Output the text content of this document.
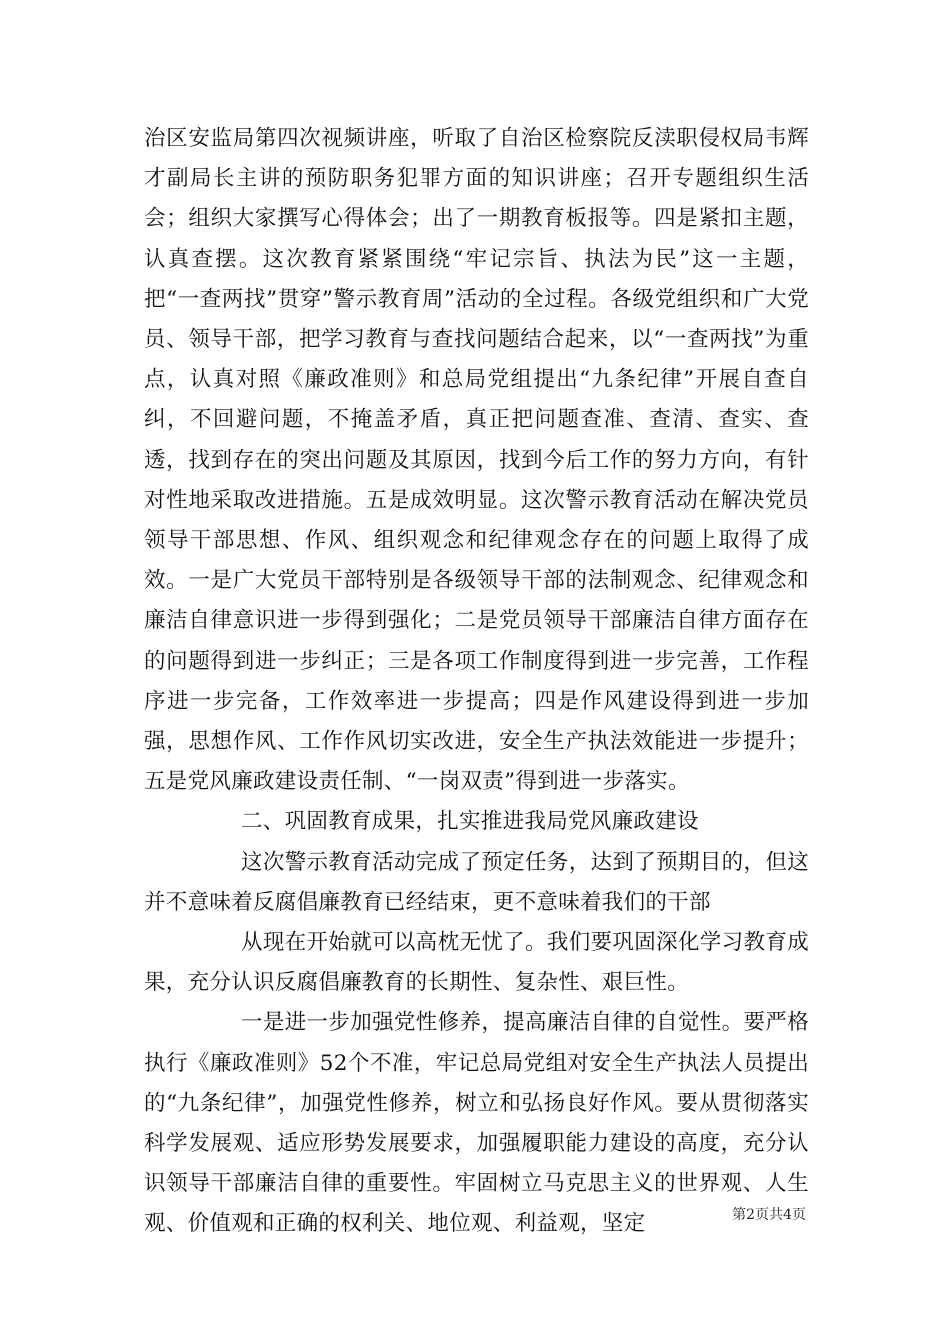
治区安监局第四次视频讲座，听取了自治区检察院反渎职侵权局韦辉才副局长主讲的预防职务犯罪方面的知识讲座；召开专题组织生活会；组织大家撰写心得体会；出了一期教育板报等。四是紧扣主题，认真查摆。这次教育紧紧围绕“牢记宗旨、执法为民”这一主题，把“一查两找”贯穿”警示教育周”活动的全过程。各级党组织和广大党员、领导干部，把学习教育与查找问题结合起来，以“一查两找”为重点，认真对照《廉政准则》和总局党组提出“九条纪律”开展自查自纠，不回避问题，不掩盖矛盾，真正把问题查准、查清、查实、查透，找到存在的突出问题及其原因，找到今后工作的努力方向，有针对性地采取改进措施。五是成效明显。这次警示教育活动在解决党员领导干部思想、作风、组织观念和纪律观念存在的问题上取得了成效。一是广大党员干部特别是各级领导干部的法制观念、纪律观念和廉洁自律意识进一步得到强化；二是党员领导干部廉洁自律方面存在的问题得到进一步纠正；三是各项工作制度得到进一步完善，工作程序进一步完备，工作效率进一步提高；四是作风建设得到进一步加强，思想作风、工作作风切实改进，安全生产执法效能进一步提升；五是党风廉政建设责任制、“一岗双责”得到进一步落实。

二、巩固教育成果，扎实推进我局党风廉政建设

这次警示教育活动完成了预定任务，达到了预期目的，但这并不意味着反腐倡廉教育已经结束，更不意味着我们的干部

从现在开始就可以高枕无忧了。我们要巩固深化学习教育成果，充分认识反腐倡廉教育的长期性、复杂性、艰巨性。

一是进一步加强党性修养，提高廉洁自律的自觉性。要严格执行《廉政准则》52个不准，牢记总局党组对安全生产执法人员提出的“九条纪律”，加强党性修养，树立和弘扬良好作风。要从贯彻落实科学发展观、适应形势发展要求，加强履职能力建设的高度，充分认识领导干部廉洁自律的重要性。牢固树立马克思主义的世界观、人生观、价值观和正确的权利关、地位观、利益观，坚定	第2页共4页
